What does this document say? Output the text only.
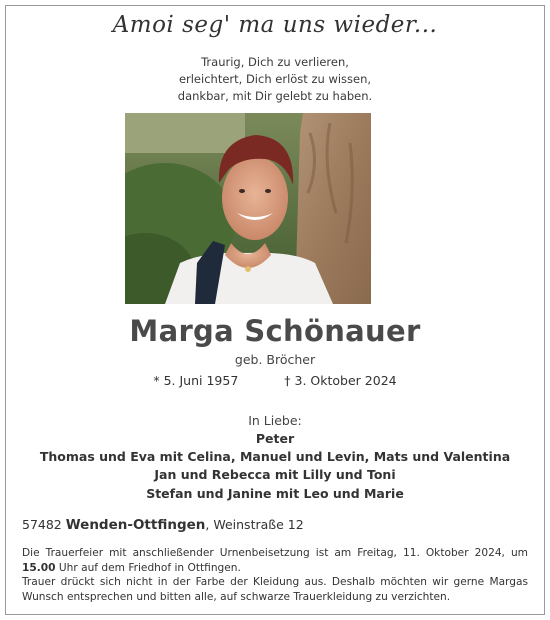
Amoi seg' ma uns wieder...
Traurig, Dich zu verlieren,
erleichtert, Dich erlöst zu wissen,
dankbar, mit Dir gelebt zu haben.
Marga Schönauer
geb. Bröcher
* 5. Juni 1957	† 3. Oktober 2024
In Liebe:
Peter
Thomas und Eva mit Celina, Manuel und Levin, Mats und Valentina
Jan und Rebecca mit Lilly und Toni
Stefan und Janine mit Leo und Marie
57482 Wenden-Ottfingen, Weinstraße 12

Die Trauerfeier mit anschließender Urnenbeisetzung ist am Freitag, 11. Oktober 2024, um 15.00 Uhr auf dem Friedhof in Ottfingen.

Trauer drückt sich nicht in der Farbe der Kleidung aus. Deshalb möchten wir gerne Margas Wunsch entsprechen und bitten alle, auf schwarze Trauerkleidung zu verzichten.
